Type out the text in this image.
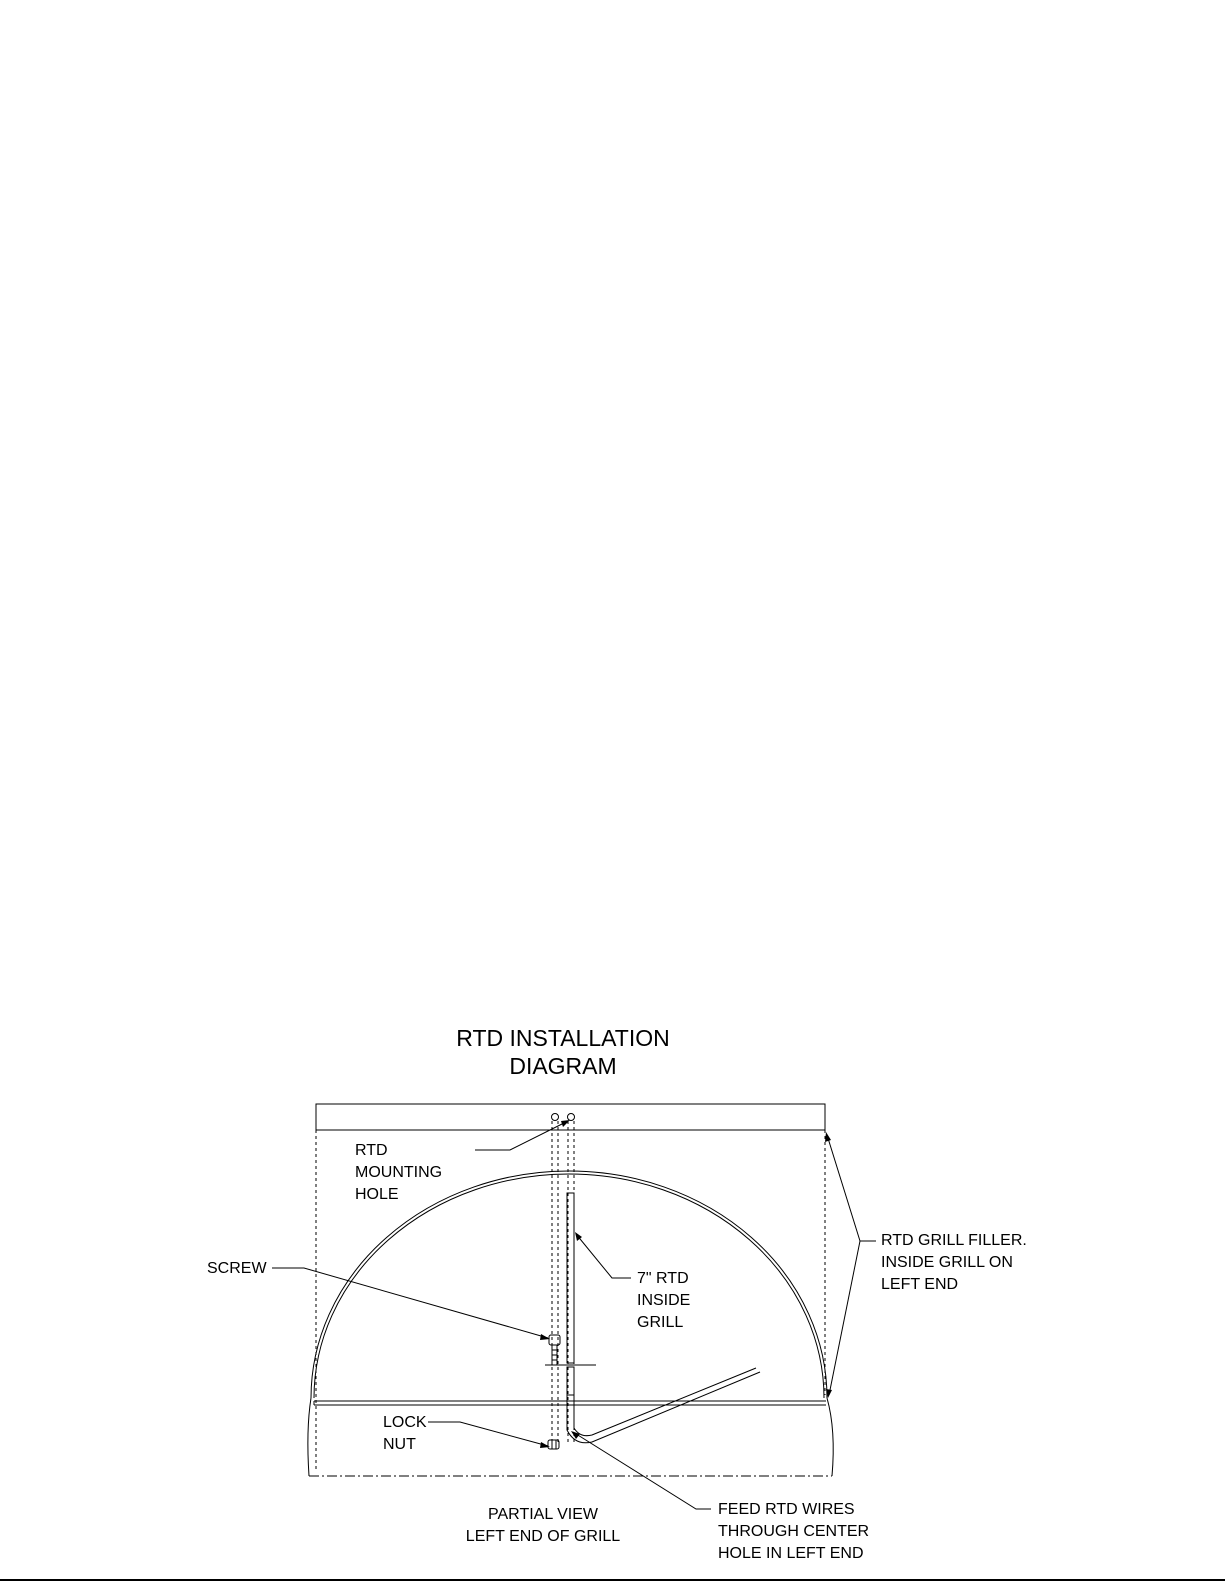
RTD INSTALLATION
DIAGRAM
RTD
MOUNTING
HOLE
SCREW
7" RTD
INSIDE
GRILL
LOCK
NUT
RTD GRILL FILLER.
INSIDE GRILL ON
LEFT END
FEED RTD WIRES
THROUGH CENTER
HOLE IN LEFT END
PARTIAL VIEW
LEFT END OF GRILL
